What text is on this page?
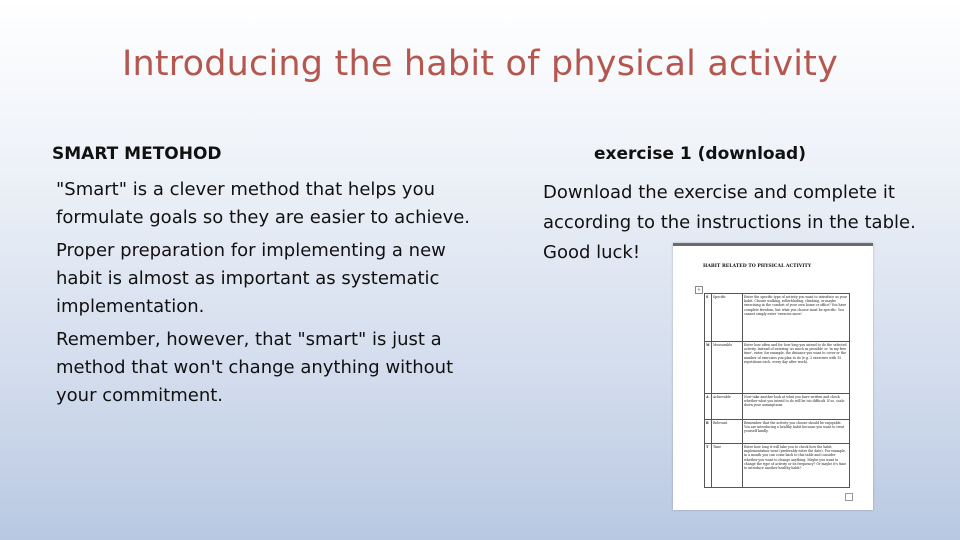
Introducing the habit of physical activity
SMART METOHOD

"Smart" is a clever method that helps you formulate goals so they are easier to achieve.

Proper preparation for implementing a new habit is almost as important as systematic implementation.

Remember, however, that "smart" is just a method that won't change anything without your commitment.

exercise 1 (download)

Download the exercise and complete it

according to the instructions in the table.

Good luck!

HABIT RELATED TO PHYSICAL ACTIVITY
+
S	Specific	Enter the specific type of activity you want to introduce as your habit. Choose walking, rollerblading, climbing, or maybe exercising in the comfort of your own home or office? You have complete freedom, but what you choose must be specific. You cannot simply enter 'exercise more'.
M	Measurable	Enter how often and for how long you intend to do the selected activity. Instead of entering 'as much as possible' or 'in my free time', enter, for example, the distance you want to cover or the number of exercises you plan to do (e.g. 3 exercises with 15 repetitions each, every day after work).
A	Achievable	Now take another look at what you have written and check whether what you intend to do will be too difficult. If so, scale down your assumptions.
R	Relevant	Remember that the activity you choose should be enjoyable. You are introducing a healthy habit because you want to treat yourself kindly.
T	Time	Enter how long it will take you to check how the habit implementation went (preferably enter the date). For example, in a month you can come back to this table and consider whether you want to change anything. Maybe you want to change the type of activity or its frequency? Or maybe it's time to introduce another healthy habit?
